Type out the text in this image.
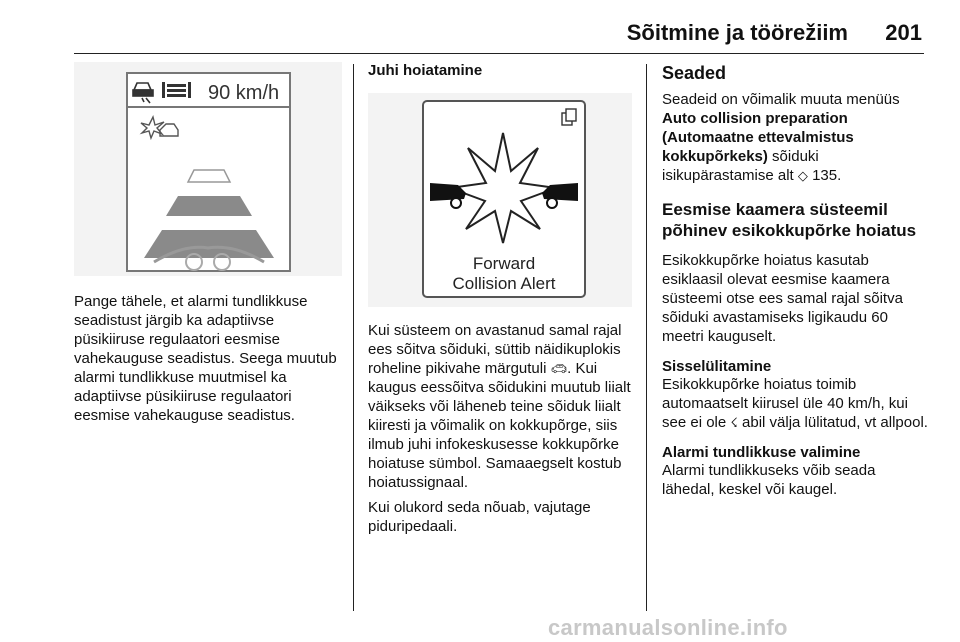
Sõitmine ja töörežiim 201
90 km/h

Pange tähele, et alarmi tundlikkuse seadistust järgib ka adaptiivse püsikiiruse regulaatori eesmise vahekauguse seadistus. Seega muutub alarmi tundlikkuse muutmisel ka adaptiivse püsikiiruse regulaatori eesmise vahekauguse seadistus.

Juhi hoiatamine
Forward
Collision Alert

Kui süsteem on avastanud samal rajal ees sõitva sõiduki, süttib näidikuplokis roheline pikivahe märgutuli 🚗︎. Kui kaugus eessõitva sõidukini muutub liialt väikseks või läheneb teine sõiduk liialt kiiresti ja võimalik on kokkupõrge, siis ilmub juhi infokeskusesse kokkupõrke hoiatuse sümbol. Samaaegselt kostub hoiatussignaal.

Kui olukord seda nõuab, vajutage piduripedaali.

Seaded

Seadeid on võimalik muuta menüüs
Auto collision preparation (Automaatne ettevalmistus kokkupõrkeks) sõiduki isikupärastamise alt ◇ 135.

Eesmise kaamera süsteemil põhinev esikokkupõrke hoiatus

Esikokkupõrke hoiatus kasutab esiklaasil olevat eesmise kaamera süsteemi otse ees samal rajal sõitva sõiduki avastamiseks ligikaudu 60 meetri kauguselt.

Sisselülitamine

Esikokkupõrke hoiatus toimib automaatselt kiirusel üle 40 km/h, kui see ei ole ☇ abil välja lülitatud, vt allpool.

Alarmi tundlikkuse valimine

Alarmi tundlikkuseks võib seada lähedal, keskel või kaugel.

carmanualsonline.info
